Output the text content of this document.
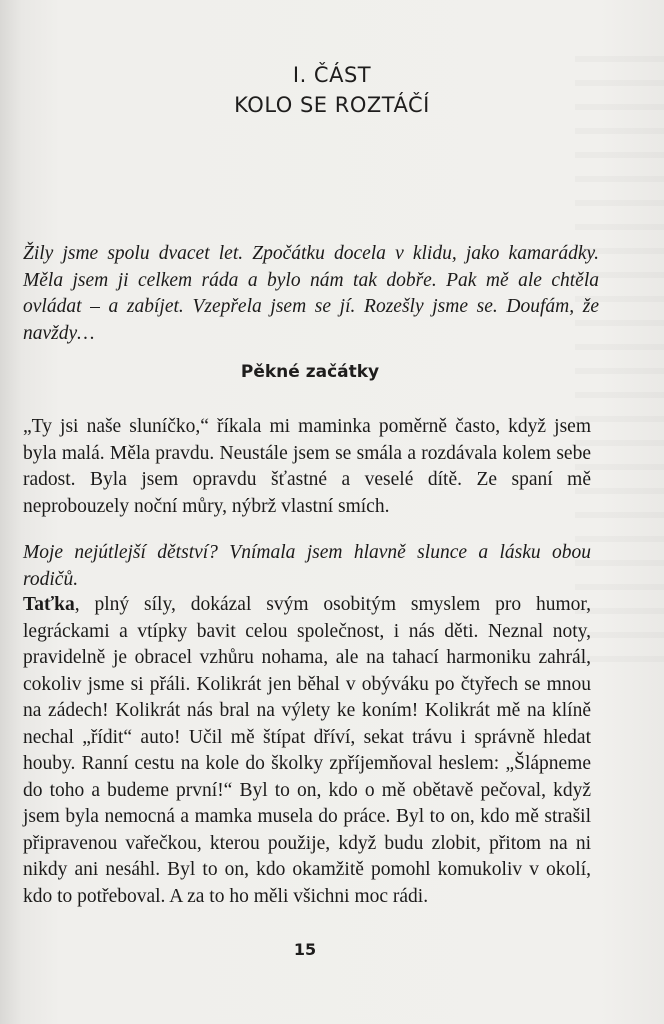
I. ČÁST
KOLO SE ROZTÁČÍ

Žily jsme spolu dvacet let. Zpočátku docela v klidu, jako kamarádky. Měla jsem ji celkem ráda a bylo nám tak dobře. Pak mě ale chtěla ovládat – a zabíjet. Vzepřela jsem se jí. Rozešly jsme se. Doufám, že navždy…

Pěkné začátky

„Ty jsi naše sluníčko,“ říkala mi maminka poměrně často, když jsem byla malá. Měla pravdu. Neustále jsem se smála a rozdávala kolem sebe radost. Byla jsem opravdu šťastné a veselé dítě. Ze spaní mě neprobouzely noční můry, nýbrž vlastní smích.

Moje nejútlejší dětství? Vnímala jsem hlavně slunce a lásku obou rodičů.

Taťka, plný síly, dokázal svým osobitým smyslem pro humor, legráckami a vtípky bavit celou společnost, i nás děti. Neznal noty, pravidelně je obracel vzhůru nohama, ale na tahací harmoniku zahrál, cokoliv jsme si přáli. Kolikrát jen běhal v obýváku po čtyřech se mnou na zádech! Kolikrát nás bral na výlety ke koním! Kolikrát mě na klíně nechal „řídit“ auto! Učil mě štípat dříví, sekat trávu i správně hledat houby. Ranní cestu na kole do školky zpříjemňoval heslem: „Šlápneme do toho a budeme první!“ Byl to on, kdo o mě obětavě pečoval, když jsem byla nemocná a mamka musela do práce. Byl to on, kdo mě strašil připravenou vařečkou, kterou použije, když budu zlobit, přitom na ni nikdy ani nesáhl. Byl to on, kdo okamžitě pomohl komukoliv v okolí, kdo to potřeboval. A za to ho měli všichni moc rádi.

15
